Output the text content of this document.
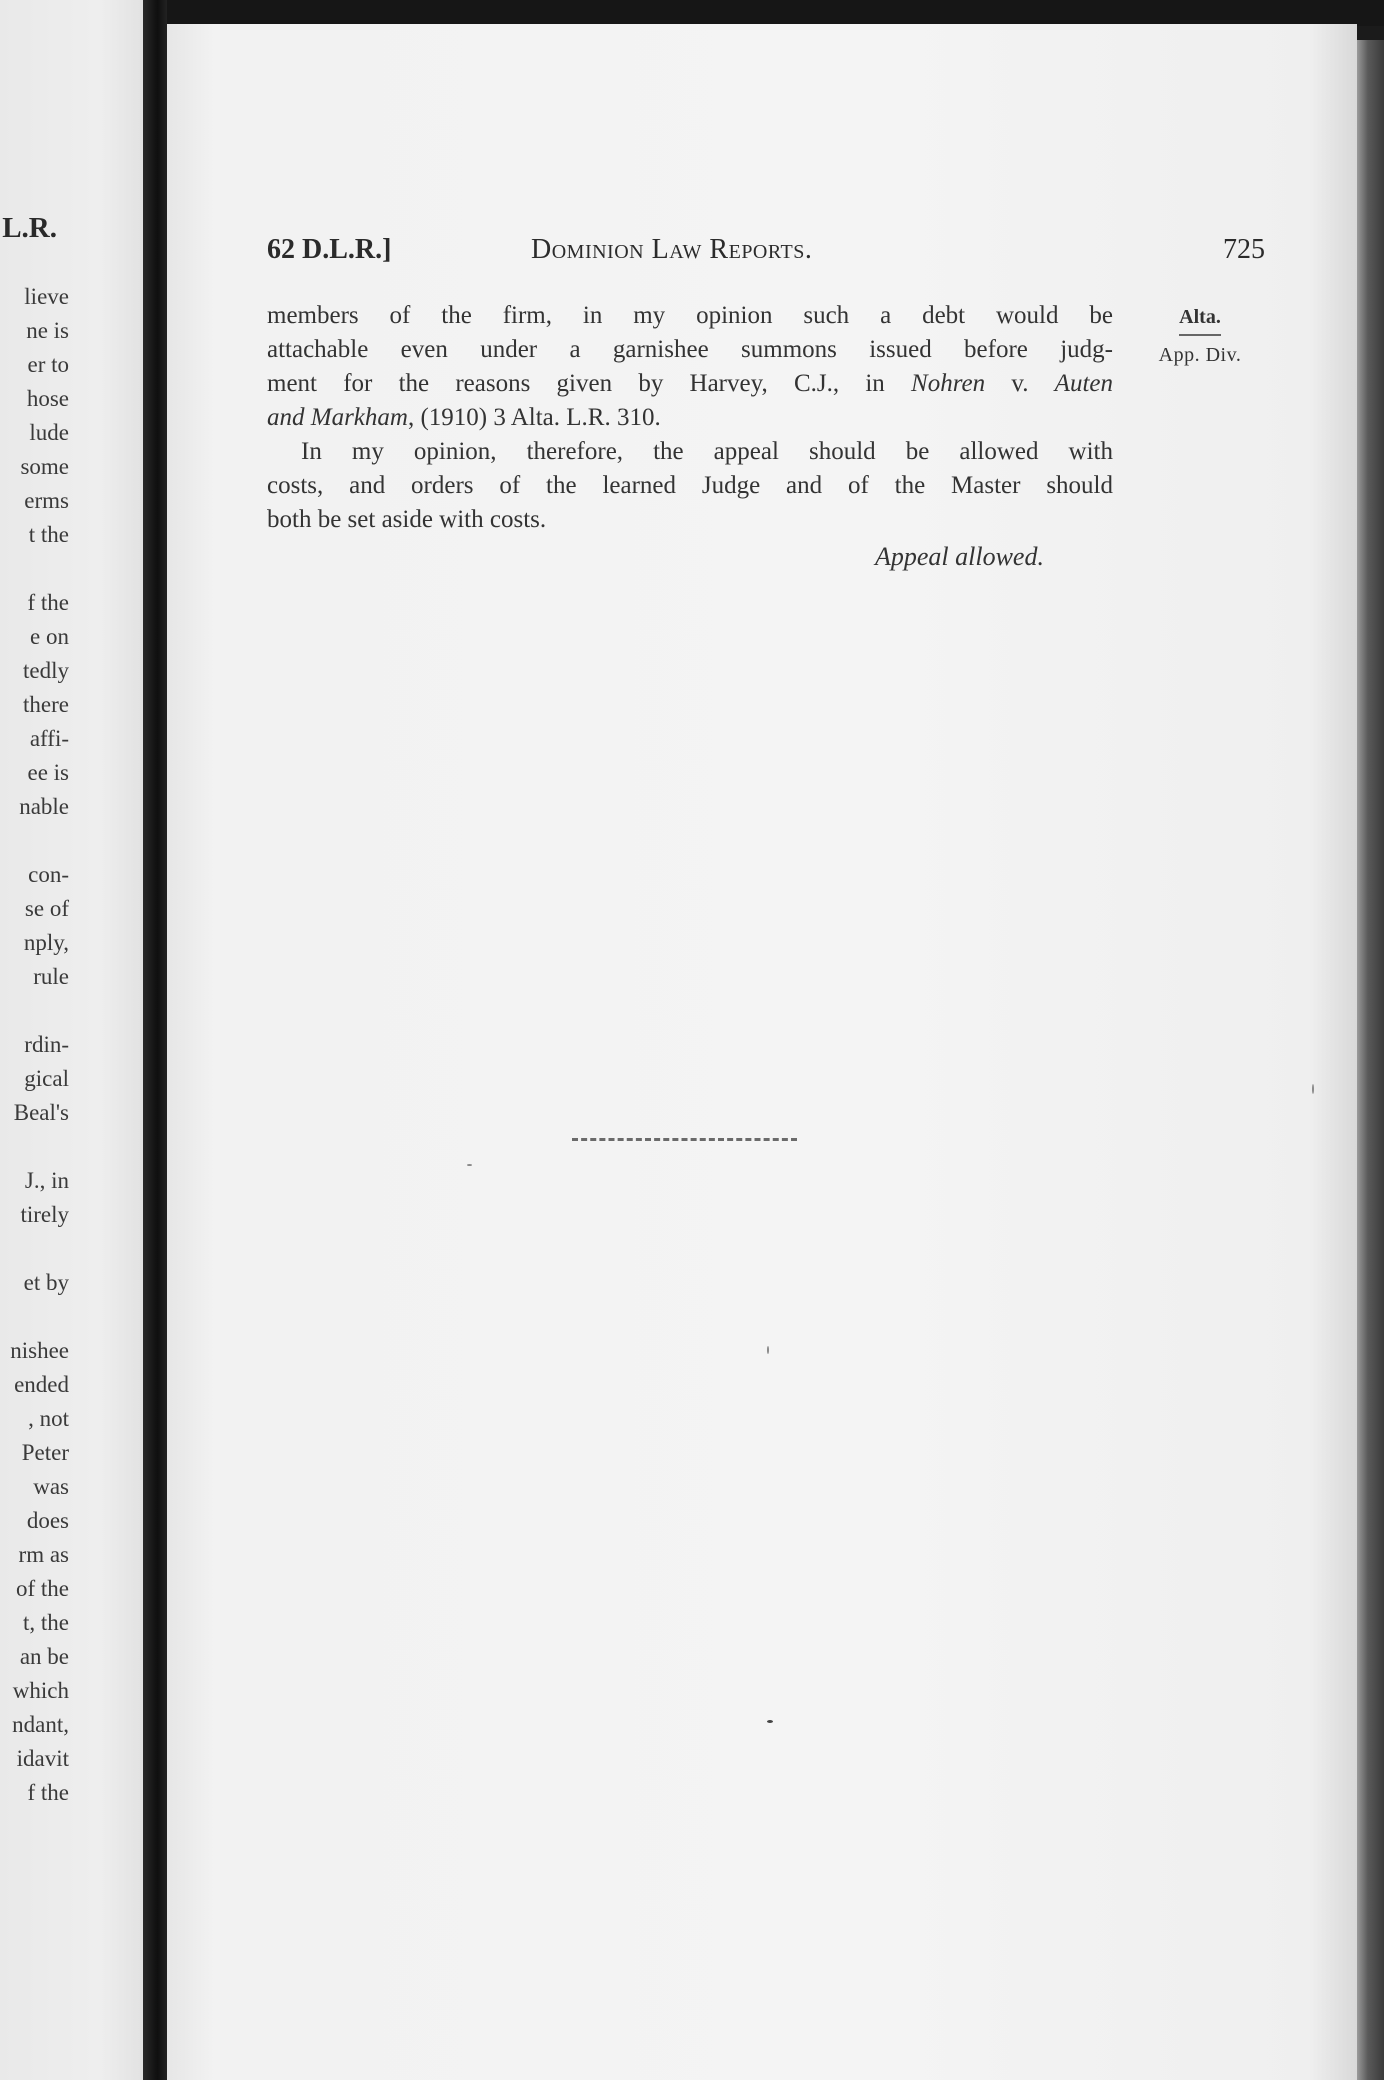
L.R.
lieve
ne is
er to
hose
lude
some
erms
t the
f the
e on
tedly
there
affi-
ee is
nable
con-
se of
nply,
rule
rdin-
gical
Beal's
J., in
tirely
et by
nishee
ended
, not
Peter
was
does
rm as
of the
t, the
an be
which
ndant,
idavit
f the
62 D.L.R.]	Dominion Law Reports.	725
Alta.
App. Div.

members of the firm, in my opinion such a debt would be
attachable even under a garnishee summons issued before judg-
ment for the reasons given by Harvey, C.J., in Nohren v. Auten
and Markham, (1910) 3 Alta. L.R. 310.

In my opinion, therefore, the appeal should be allowed with
costs, and orders of the learned Judge and of the Master should
both be set aside with costs.

Appeal allowed.
